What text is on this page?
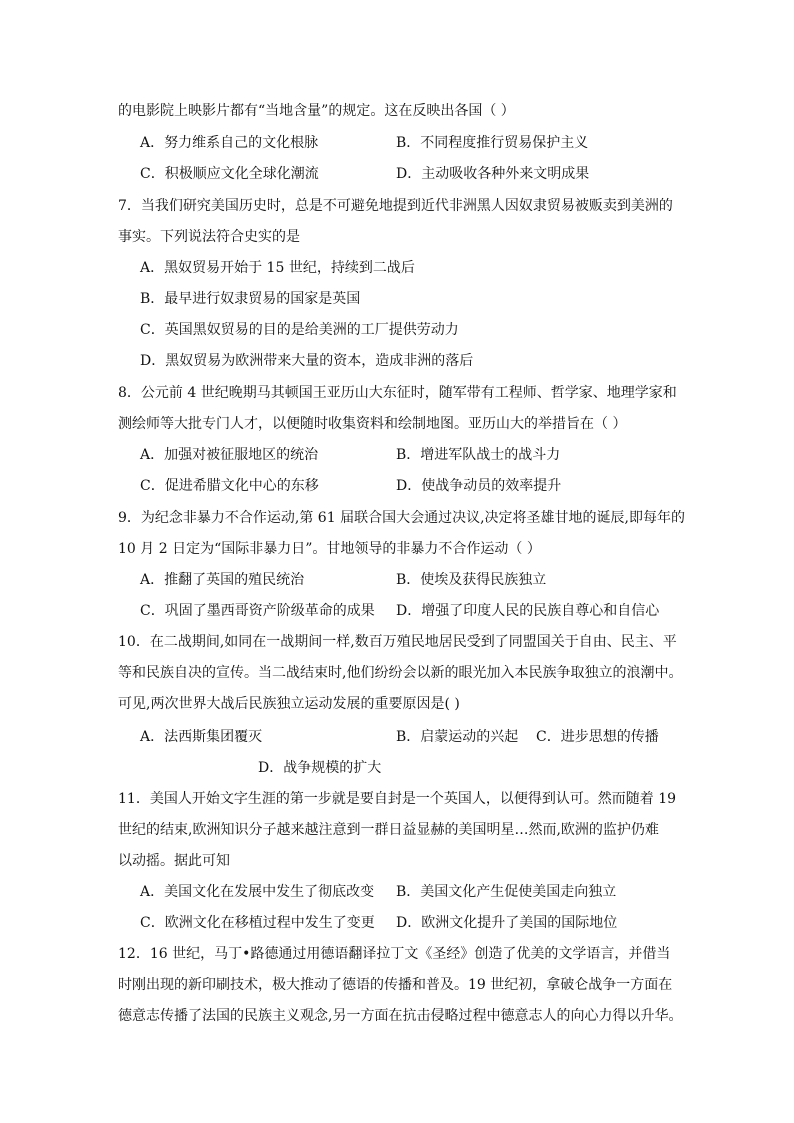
的电影院上映影片都有“当地含量”的规定。这在反映出各国（ ）
A．努力维系自己的文化根脉	B．不同程度推行贸易保护主义
C．积极顺应文化全球化潮流	D．主动吸收各种外来文明成果
7．当我们研究美国历史时，总是不可避免地提到近代非洲黑人因奴隶贸易被贩卖到美洲的
事实。下列说法符合史实的是
A．黑奴贸易开始于 15 世纪，持续到二战后
B．最早进行奴隶贸易的国家是英国
C．英国黑奴贸易的目的是给美洲的工厂提供劳动力
D．黑奴贸易为欧洲带来大量的资本，造成非洲的落后
8．公元前 4 世纪晚期马其顿国王亚历山大东征时，随军带有工程师、哲学家、地理学家和
测绘师等大批专门人才，以便随时收集资料和绘制地图。亚历山大的举措旨在（ ）
A．加强对被征服地区的统治	B．增进军队战士的战斗力
C．促进希腊文化中心的东移	D．使战争动员的效率提升
9．为纪念非暴力不合作运动,第 61 届联合国大会通过决议,决定将圣雄甘地的诞辰,即每年的
10 月 2 日定为“国际非暴力日”。甘地领导的非暴力不合作运动（ ）
A．推翻了英国的殖民统治	B．使埃及获得民族独立
C．巩固了墨西哥资产阶级革命的成果 D．增强了印度人民的民族自尊心和自信心
10．在二战期间,如同在一战期间一样,数百万殖民地居民受到了同盟国关于自由、民主、平
等和民族自决的宣传。当二战结束时,他们纷纷会以新的眼光加入本民族争取独立的浪潮中。
可见,两次世界大战后民族独立运动发展的重要原因是( )
A．法西斯集团覆灭	B．启蒙运动的兴起 C．进步思想的传播
D．战争规模的扩大
11．美国人开始文字生涯的第一步就是要自封是一个英国人，以便得到认可。然而随着 19
世纪的结束,欧洲知识分子越来越注意到一群日益显赫的美国明星…然而,欧洲的监护仍难
以动摇。据此可知
A．美国文化在发展中发生了彻底改变 B．美国文化产生促使美国走向独立
C．欧洲文化在移植过程中发生了变更 D．欧洲文化提升了美国的国际地位
12．16 世纪，马丁•路德通过用德语翻译拉丁文《圣经》创造了优美的文学语言，并借当
时刚出现的新印刷技术，极大推动了德语的传播和普及。19 世纪初，拿破仑战争一方面在
德意志传播了法国的民族主义观念,另一方面在抗击侵略过程中德意志人的向心力得以升华。
